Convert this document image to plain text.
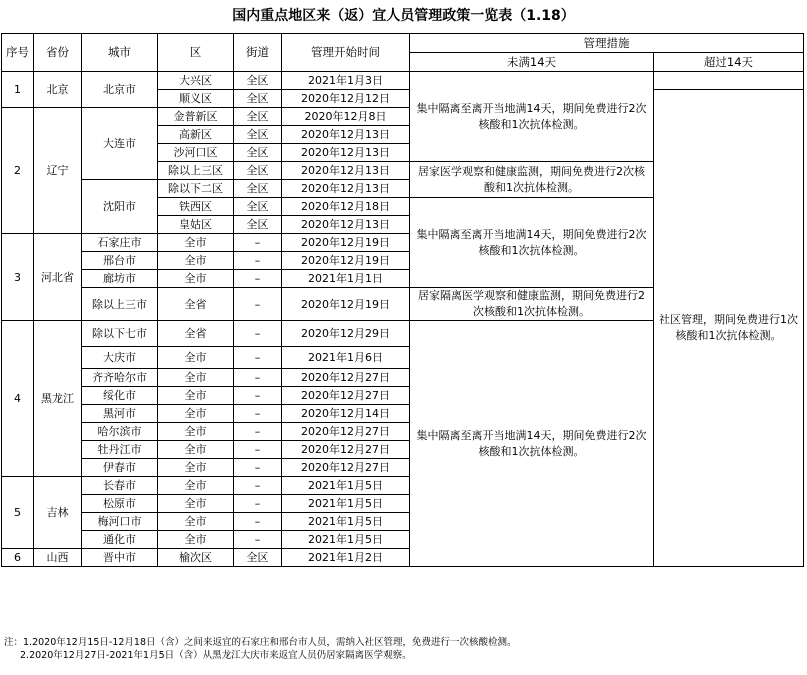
国内重点地区来（返）宜人员管理政策一览表（1.18）
序号	省份	城市	区	街道	管理开始时间	管理措施	
						未满14天	超过14天
1	北京	北京市	大兴区	全区	2021年1月3日	集中隔离至离开当地满14天，期间免费进行2次核酸和1次抗体检测。	
			顺义区	全区	2020年12月12日		社区管理，期间免费进行1次核酸和1次抗体检测。
2	辽宁	大连市	金普新区	全区	2020年12月8日		
			高新区	全区	2020年12月13日		
			沙河口区	全区	2020年12月13日		
			除以上三区	全区	2020年12月13日	居家医学观察和健康监测，期间免费进行2次核酸和1次抗体检测。	
		沈阳市	除以下二区	全区	2020年12月13日		
			铁西区	全区	2020年12月18日	集中隔离至离开当地满14天，期间免费进行2次核酸和1次抗体检测。	
			皇姑区	全区	2020年12月13日		
3	河北省	石家庄市	全市	–	2020年12月19日		
		邢台市	全市	–	2020年12月19日		
		廊坊市	全市	–	2021年1月1日		
		除以上三市	全省	–	2020年12月19日	居家隔离医学观察和健康监测，期间免费进行2次核酸和1次抗体检测。	
4	黑龙江	除以下七市	全省	–	2020年12月29日	集中隔离至离开当地满14天，期间免费进行2次核酸和1次抗体检测。	
		大庆市	全市	–	2021年1月6日		
		齐齐哈尔市	全市	–	2020年12月27日		
		绥化市	全市	–	2020年12月27日		
		黑河市	全市	–	2020年12月14日		
		哈尔滨市	全市	–	2020年12月27日		
		牡丹江市	全市	–	2020年12月27日		
		伊春市	全市	–	2020年12月27日		
5	吉林	长春市	全市	–	2021年1月5日		
		松原市	全市	–	2021年1月5日		
		梅河口市	全市	–	2021年1月5日		
		通化市	全市	–	2021年1月5日		
6	山西	晋中市	榆次区	全区	2021年1月2日		
注：1.2020年12月15日-12月18日（含）之间来返宜的石家庄和邢台市人员，需纳入社区管理，免费进行一次核酸检测。
2.2020年12月27日-2021年1月5日（含）从黑龙江大庆市来返宜人员仍居家隔离医学观察。
